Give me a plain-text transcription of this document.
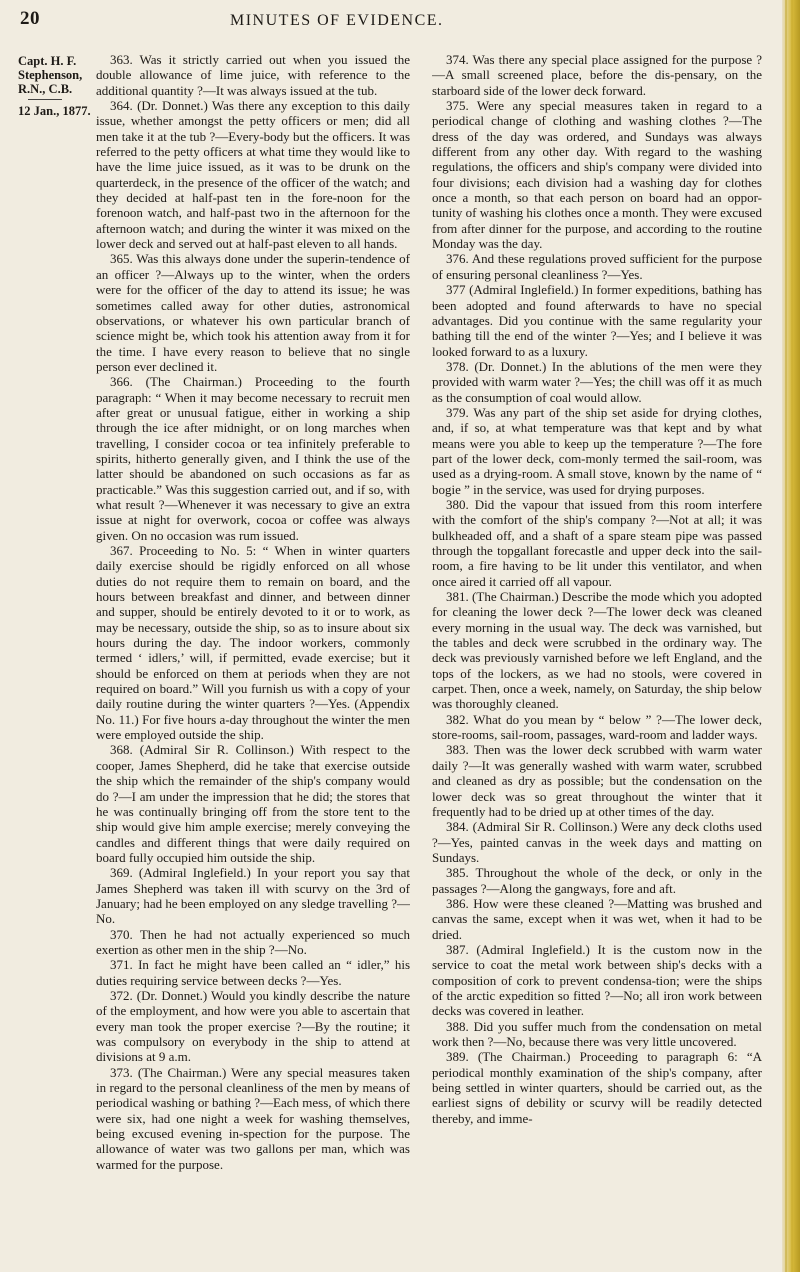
20	MINUTES OF EVIDENCE.
Capt. H. F.
Stephenson,
R.N., C.B.
12 Jan., 1877.

363. Was it strictly carried out when you issued the double allowance of lime juice, with reference to the additional quantity ?—It was always issued at the tub.

364. (Dr. Donnet.) Was there any exception to this daily issue, whether amongst the petty officers or men; did all men take it at the tub ?—Every-body but the officers. It was referred to the petty officers at what time they would like to have the lime juice issued, as it was to be drunk on the quarterdeck, in the presence of the officer of the watch; and they decided at half-past ten in the fore-noon for the forenoon watch, and half-past two in the afternoon for the afternoon watch; and during the winter it was mixed on the lower deck and served out at half-past eleven to all hands.

365. Was this always done under the superin-tendence of an officer ?—Always up to the winter, when the orders were for the officer of the day to attend its issue; he was sometimes called away for other duties, astronomical observations, or whatever his own particular branch of science might be, which took his attention away from it for the time. I have every reason to believe that no single person ever declined it.

366. (The Chairman.) Proceeding to the fourth paragraph: “ When it may become necessary to recruit men after great or unusual fatigue, either in working a ship through the ice after midnight, or on long marches when travelling, I consider cocoa or tea infinitely preferable to spirits, hitherto generally given, and I think the use of the latter should be abandoned on such occasions as far as practicable.” Was this suggestion carried out, and if so, with what result ?—Whenever it was necessary to give an extra issue at night for overwork, cocoa or coffee was always given. On no occasion was rum issued.

367. Proceeding to No. 5: “ When in winter quarters daily exercise should be rigidly enforced on all whose duties do not require them to remain on board, and the hours between breakfast and dinner, and between dinner and supper, should be entirely devoted to it or to work, as may be necessary, outside the ship, so as to insure about six hours during the day. The indoor workers, commonly termed ‘ idlers,’ will, if permitted, evade exercise; but it should be enforced on them at periods when they are not required on board.” Will you furnish us with a copy of your daily routine during the winter quarters ?—Yes. (Appendix No. 11.) For five hours a-day throughout the winter the men were employed outside the ship.

368. (Admiral Sir R. Collinson.) With respect to the cooper, James Shepherd, did he take that exercise outside the ship which the remainder of the ship's company would do ?—I am under the impression that he did; the stores that he was continually bringing off from the store tent to the ship would give him ample exercise; merely conveying the candles and different things that were daily required on board fully occupied him outside the ship.

369. (Admiral Inglefield.) In your report you say that James Shepherd was taken ill with scurvy on the 3rd of January; had he been employed on any sledge travelling ?—No.

370. Then he had not actually experienced so much exertion as other men in the ship ?—No.

371. In fact he might have been called an “ idler,” his duties requiring service between decks ?—Yes.

372. (Dr. Donnet.) Would you kindly describe the nature of the employment, and how were you able to ascertain that every man took the proper exercise ?—By the routine; it was compulsory on everybody in the ship to attend at divisions at 9 a.m.

373. (The Chairman.) Were any special measures taken in regard to the personal cleanliness of the men by means of periodical washing or bathing ?—Each mess, of which there were six, had one night a week for washing themselves, being excused evening in-spection for the purpose. The allowance of water was two gallons per man, which was warmed for the purpose.

374. Was there any special place assigned for the purpose ?—A small screened place, before the dis-pensary, on the starboard side of the lower deck forward.

375. Were any special measures taken in regard to a periodical change of clothing and washing clothes ?—The dress of the day was ordered, and Sundays was always different from any other day. With regard to the washing regulations, the officers and ship's company were divided into four divisions; each division had a washing day for clothes once a month, so that each person on board had an oppor-tunity of washing his clothes once a month. They were excused from after dinner for the purpose, and according to the routine Monday was the day.

376. And these regulations proved sufficient for the purpose of ensuring personal cleanliness ?—Yes.

377 (Admiral Inglefield.) In former expeditions, bathing has been adopted and found afterwards to have no special advantages. Did you continue with the same regularity your bathing till the end of the winter ?—Yes; and I believe it was looked forward to as a luxury.

378. (Dr. Donnet.) In the ablutions of the men were they provided with warm water ?—Yes; the chill was off it as much as the consumption of coal would allow.

379. Was any part of the ship set aside for drying clothes, and, if so, at what temperature was that kept and by what means were you able to keep up the temperature ?—The fore part of the lower deck, com-monly termed the sail-room, was used as a drying-room. A small stove, known by the name of “ bogie ” in the service, was used for drying purposes.

380. Did the vapour that issued from this room interfere with the comfort of the ship's company ?—Not at all; it was bulkheaded off, and a shaft of a spare steam pipe was passed through the topgallant forecastle and upper deck into the sail-room, a fire having to be lit under this ventilator, and when once aired it carried off all vapour.

381. (The Chairman.) Describe the mode which you adopted for cleaning the lower deck ?—The lower deck was cleaned every morning in the usual way. The deck was varnished, but the tables and deck were scrubbed in the ordinary way. The deck was previously varnished before we left England, and the tops of the lockers, as we had no stools, were covered in carpet. Then, once a week, namely, on Saturday, the ship below was thoroughly cleaned.

382. What do you mean by “ below ” ?—The lower deck, store-rooms, sail-room, passages, ward-room and ladder ways.

383. Then was the lower deck scrubbed with warm water daily ?—It was generally washed with warm water, scrubbed and cleaned as dry as possible; but the condensation on the lower deck was so great throughout the winter that it frequently had to be dried up at other times of the day.

384. (Admiral Sir R. Collinson.) Were any deck cloths used ?—Yes, painted canvas in the week days and matting on Sundays.

385. Throughout the whole of the deck, or only in the passages ?—Along the gangways, fore and aft.

386. How were these cleaned ?—Matting was brushed and canvas the same, except when it was wet, when it had to be dried.

387. (Admiral Inglefield.) It is the custom now in the service to coat the metal work between ship's decks with a composition of cork to prevent condensa-tion; were the ships of the arctic expedition so fitted ?—No; all iron work between decks was covered in leather.

388. Did you suffer much from the condensation on metal work then ?—No, because there was very little uncovered.

389. (The Chairman.) Proceeding to paragraph 6: “A periodical monthly examination of the ship's company, after being settled in winter quarters, should be carried out, as the earliest signs of debility or scurvy will be readily detected thereby, and imme-
